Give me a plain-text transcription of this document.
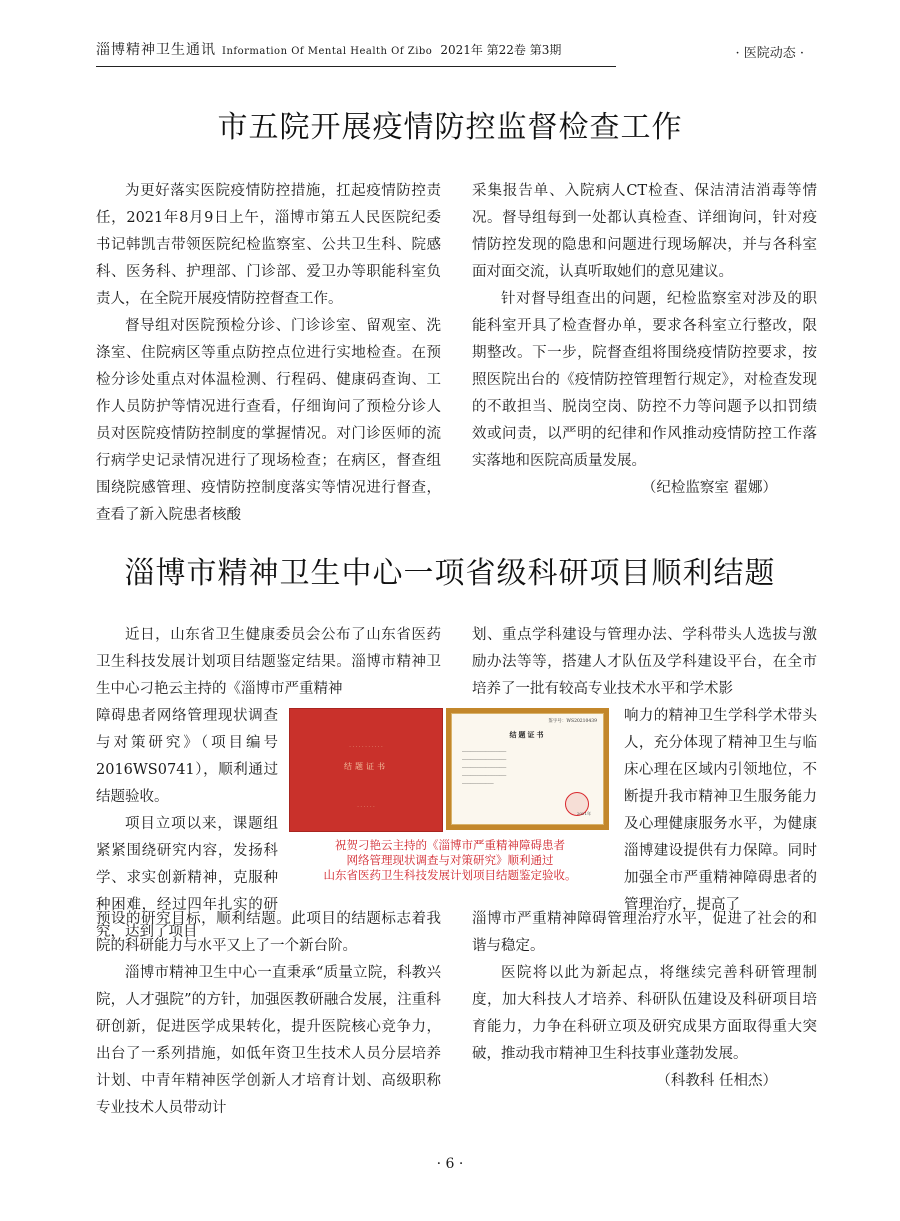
淄博精神卫生通讯 Information Of Mental Health Of Zibo 2021年 第22卷 第3期	· 医院动态 ·
市五院开展疫情防控监督检查工作

为更好落实医院疫情防控措施，扛起疫情防控责任，2021年8月9日上午，淄博市第五人民医院纪委书记韩凯吉带领医院纪检监察室、公共卫生科、院感科、医务科、护理部、门诊部、爱卫办等职能科室负责人，在全院开展疫情防控督查工作。

督导组对医院预检分诊、门诊诊室、留观室、洗涤室、住院病区等重点防控点位进行实地检查。在预检分诊处重点对体温检测、行程码、健康码查询、工作人员防护等情况进行查看，仔细询问了预检分诊人员对医院疫情防控制度的掌握情况。对门诊医师的流行病学史记录情况进行了现场检查；在病区，督查组围绕院感管理、疫情防控制度落实等情况进行督查，查看了新入院患者核酸

采集报告单、入院病人CT检查、保洁清洁消毒等情况。督导组每到一处都认真检查、详细询问，针对疫情防控发现的隐患和问题进行现场解决，并与各科室面对面交流，认真听取她们的意见建议。

针对督导组查出的问题，纪检监察室对涉及的职能科室开具了检查督办单，要求各科室立行整改，限期整改。下一步，院督查组将围绕疫情防控要求，按照医院出台的《疫情防控管理暂行规定》，对检查发现的不敢担当、脱岗空岗、防控不力等问题予以扣罚绩效或问责，以严明的纪律和作风推动疫情防控工作落实落地和医院高质量发展。

（纪检监察室 翟娜）

淄博市精神卫生中心一项省级科研项目顺利结题

近日，山东省卫生健康委员会公布了山东省医药卫生科技发展计划项目结题鉴定结果。淄博市精神卫生中心刁艳云主持的《淄博市严重精神

障碍患者网络管理现状调查与对策研究》（项目编号2016WS0741），顺利通过结题验收。

项目立项以来，课题组紧紧围绕研究内容，发扬科学、求实创新精神，克服种种困难，经过四年扎实的研究，达到了项目

预设的研究目标，顺利结题。此项目的结题标志着我院的科研能力与水平又上了一个新台阶。

淄博市精神卫生中心一直秉承“质量立院，科教兴院，人才强院”的方针，加强医教研融合发展，注重科研创新，促进医学成果转化，提升医院核心竞争力，出台了一系列措施，如低年资卫生技术人员分层培养计划、中青年精神医学创新人才培育计划、高级职称专业技术人员带动计

划、重点学科建设与管理办法、学科带头人选拔与激励办法等等，搭建人才队伍及学科建设平台，在全市培养了一批有较高专业技术水平和学术影

响力的精神卫生学科学术带头人，充分体现了精神卫生与临床心理在区域内引领地位，不断提升我市精神卫生服务能力及心理健康服务水平，为健康淄博建设提供有力保障。同时加强全市严重精神障碍患者的管理治疗，提高了

淄博市严重精神障碍管理治疗水平，促进了社会的和谐与稳定。

医院将以此为新起点，将继续完善科研管理制度，加大科技人才培养、科研队伍建设及科研项目培育能力，力争在科研立项及研究成果方面取得重大突破，推动我市精神卫生科技事业蓬勃发展。

（科教科 任相杰）

· · · · · · · · · · ·
结题证书
· · · · · ·
鉴字号：WS20210439
结题证书
─────────────────────
─────────────────────
─────────────────────
─────────────────────
───────────────
2021年
祝贺刁艳云主持的《淄博市严重精神障碍患者
网络管理现状调查与对策研究》顺利通过
山东省医药卫生科技发展计划项目结题鉴定验收。
· 6 ·
